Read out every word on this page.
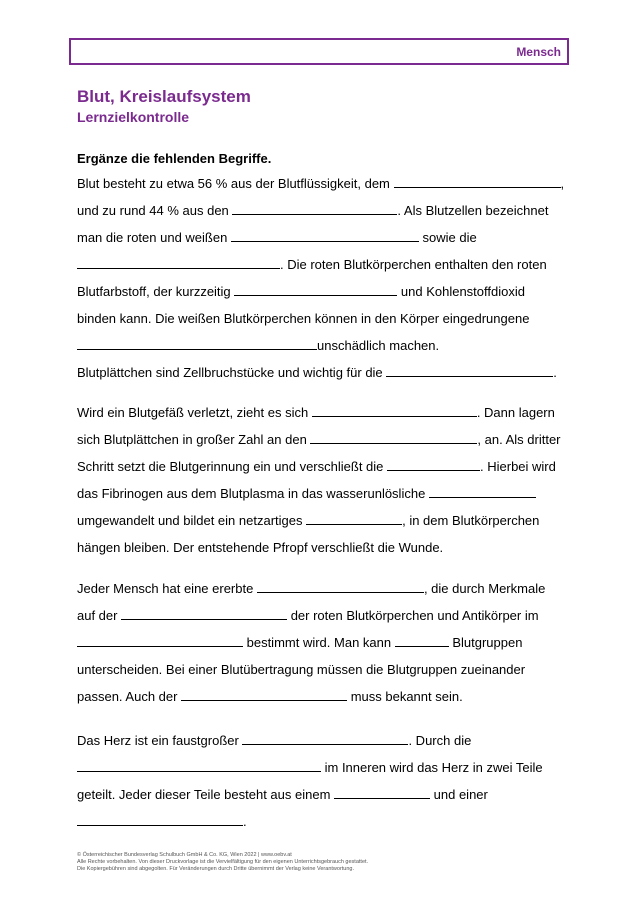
Mensch
Blut, Kreislaufsystem
Lernzielkontrolle
Ergänze die fehlenden Begriffe.
Blut besteht zu etwa 56 % aus der Blutflüssigkeit, dem	,
und zu rund 44 % aus den	. Als Blutzellen bezeichnet
man die roten und weißen	sowie die
. Die roten Blutkörperchen enthalten den roten
Blutfarbstoff, der kurzzeitig	und Kohlenstoffdioxid
binden kann. Die weißen Blutkörperchen können in den Körper eingedrungene
unschädlich machen.
Blutplättchen sind Zellbruchstücke und wichtig für die	.
Wird ein Blutgefäß verletzt, zieht es sich	. Dann lagern
sich Blutplättchen in großer Zahl an den	, an. Als dritter
Schritt setzt die Blutgerinnung ein und verschließt die	. Hierbei wird
das Fibrinogen aus dem Blutplasma in das wasserunlösliche
umgewandelt und bildet ein netzartiges	, in dem Blutkörperchen
hängen bleiben. Der entstehende Pfropf verschließt die Wunde.
Jeder Mensch hat eine ererbte	, die durch Merkmale
auf der	der roten Blutkörperchen und Antikörper im
bestimmt wird. Man kann	Blutgruppen
unterscheiden. Bei einer Blutübertragung müssen die Blutgruppen zueinander
passen. Auch der	muss bekannt sein.
Das Herz ist ein faustgroßer	. Durch die
im Inneren wird das Herz in zwei Teile
geteilt. Jeder dieser Teile besteht aus einem	und einer
.
© Österreichischer Bundesverlag Schulbuch GmbH & Co. KG, Wien 2022 | www.oebv.at
Alle Rechte vorbehalten. Von dieser Druckvorlage ist die Vervielfältigung für den eigenen Unterrichtsgebrauch gestattet.
Die Kopiergebühren sind abgegolten. Für Veränderungen durch Dritte übernimmt der Verlag keine Verantwortung.
